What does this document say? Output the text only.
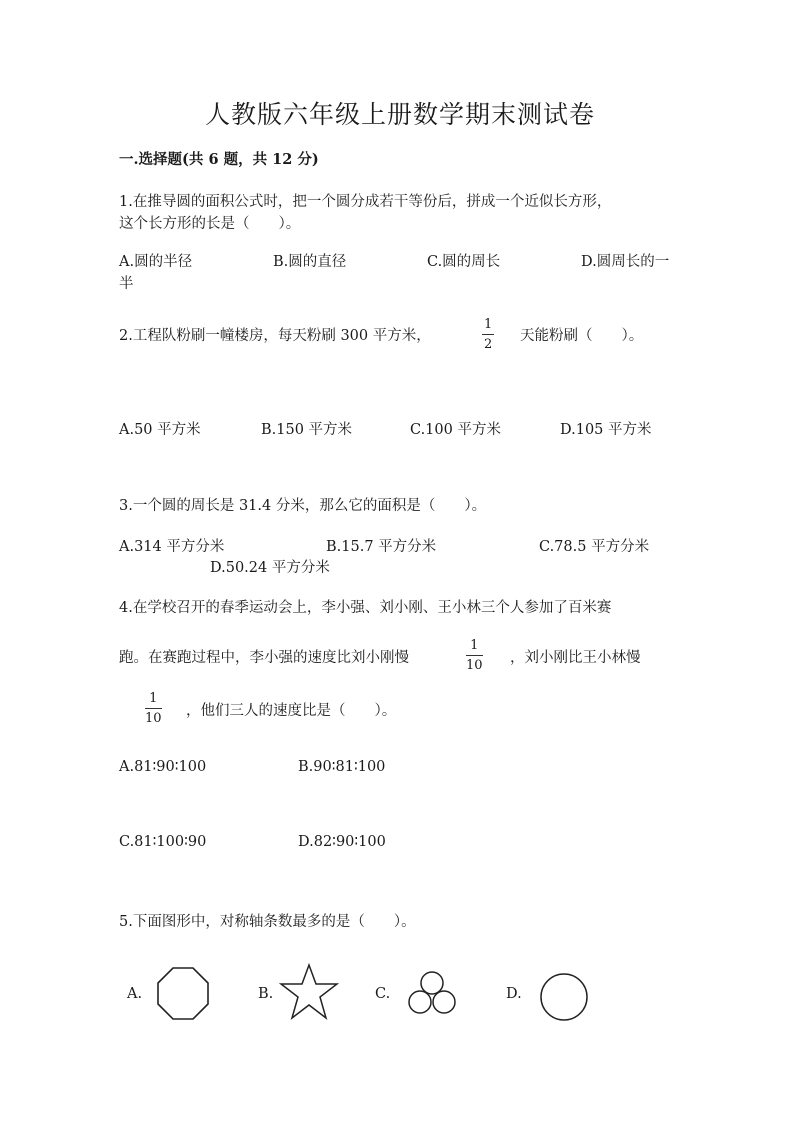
人教版六年级上册数学期末测试卷
一.选择题(共 6 题，共 12 分)
1.在推导圆的面积公式时，把一个圆分成若干等份后，拼成一个近似长方形，
这个长方形的长是（　　）。
A.圆的半径	B.圆的直径	C.圆的周长	D.圆周长的一
半
2.工程队粉刷一幢楼房，每天粉刷 300 平方米，
1
2
天能粉刷（　　）。
A.50 平方米	B.150 平方米	C.100 平方米	D.105 平方米
3.一个圆的周长是 31.4 分米，那么它的面积是（　　）。
A.314 平方分米	B.15.7 平方分米	C.78.5 平方分米
D.50.24 平方分米
4.在学校召开的春季运动会上，李小强、刘小刚、王小林三个人参加了百米赛
跑。在赛跑过程中，李小强的速度比刘小刚慢
1
10 ，刘小刚比王小林慢
1
10 ，他们三人的速度比是（　　）。
A.81∶90∶100	B.90∶81∶100
C.81∶100∶90	D.82∶90∶100
5.下面图形中，对称轴条数最多的是（　　）。
A.	B.	C.	D.
